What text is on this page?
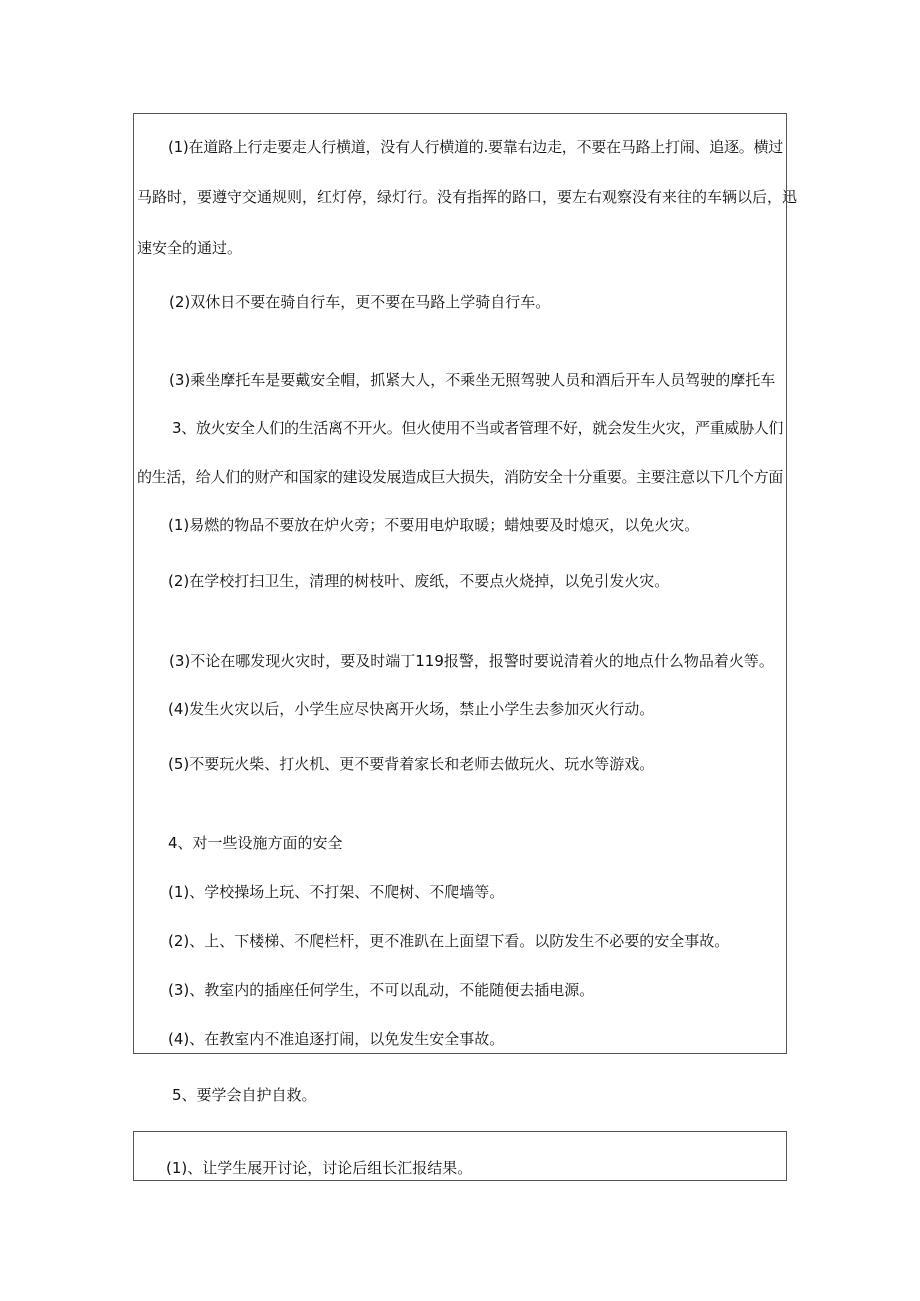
(1)在道路上行走要走人行横道，没有人行横道的.要靠右边走，不要在马路上打闹、追逐。横过
马路时，要遵守交通规则，红灯停，绿灯行。没有指挥的路口，要左右观察没有来往的车辆以后，迅
速安全的通过。
(2)双休日不要在骑自行车，更不要在马路上学骑自行车。
(3)乘坐摩托车是要戴安全帽，抓紧大人，不乘坐无照驾驶人员和酒后开车人员驾驶的摩托车
3、放火安全人们的生活离不开火。但火使用不当或者管理不好，就会发生火灾，严重威胁人们
的生活，给人们的财产和国家的建设发展造成巨大损失，消防安全十分重要。主要注意以下几个方面
(1)易燃的物品不要放在炉火旁；不要用电炉取暖；蜡烛要及时熄灭，以免火灾。
(2)在学校打扫卫生，清理的树枝叶、废纸，不要点火烧掉，以免引发火灾。
(3)不论在哪发现火灾时，要及时端丁119报警，报警时要说清着火的地点什么物品着火等。
(4)发生火灾以后，小学生应尽快离开火场，禁止小学生去参加灭火行动。
(5)不要玩火柴、打火机、更不要背着家长和老师去做玩火、玩水等游戏。
4、对一些设施方面的安全
(1)、学校操场上玩、不打架、不爬树、不爬墙等。
(2)、上、下楼梯、不爬栏杆，更不准趴在上面望下看。以防发生不必要的安全事故。
(3)、教室内的插座任何学生，不可以乱动，不能随便去插电源。
(4)、在教室内不准追逐打闹，以免发生安全事故。
5、要学会自护自救。
(1)、让学生展开讨论，讨论后组长汇报结果。
